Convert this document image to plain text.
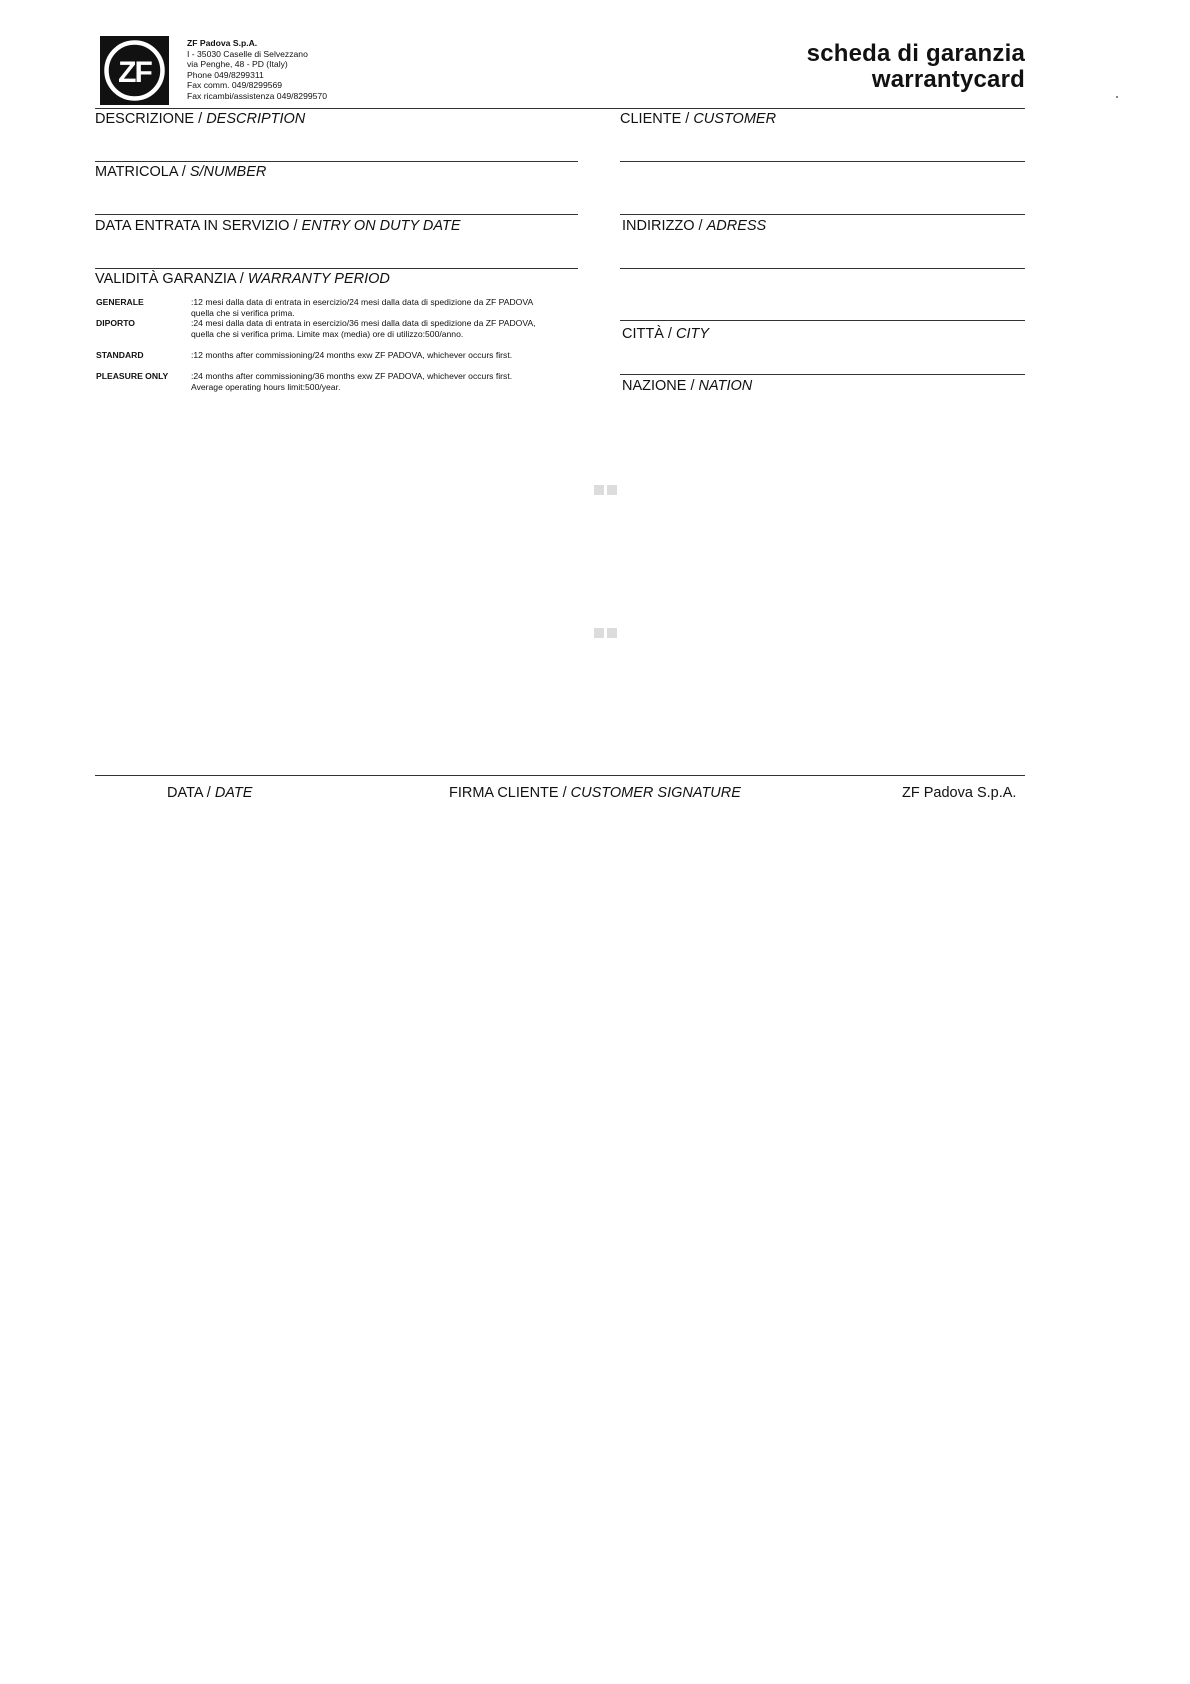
ZF
ZF Padova S.p.A.
I - 35030 Caselle di Selvezzano
via Penghe, 48 - PD (Italy)
Phone 049/8299311
Fax comm. 049/8299569
Fax ricambi/assistenza 049/8299570
scheda di garanzia
warrantycard
DESCRIZIONE / DESCRIPTION
MATRICOLA / S/NUMBER
DATA ENTRATA IN SERVIZIO / ENTRY ON DUTY DATE
VALIDITÀ GARANZIA / WARRANTY PERIOD
GENERALE	:12 mesi dalla data di entrata in esercizio/24 mesi dalla data di spedizione da ZF PADOVA
quella che si verifica prima.
DIPORTO	:24 mesi dalla data di entrata in esercizio/36 mesi dalla data di spedizione da ZF PADOVA,
quella che si verifica prima. Limite max (media) ore di utilizzo:500/anno.
STANDARD	:12 months after commissioning/24 months exw ZF PADOVA, whichever occurs first.
PLEASURE ONLY	:24 months after commissioning/36 months exw ZF PADOVA, whichever occurs first.
Average operating hours limit:500/year.
CLIENTE / CUSTOMER
INDIRIZZO / ADRESS
CITTÀ / CITY
NAZIONE / NATION
DATA / DATE	FIRMA CLIENTE / CUSTOMER SIGNATURE	ZF Padova S.p.A.
